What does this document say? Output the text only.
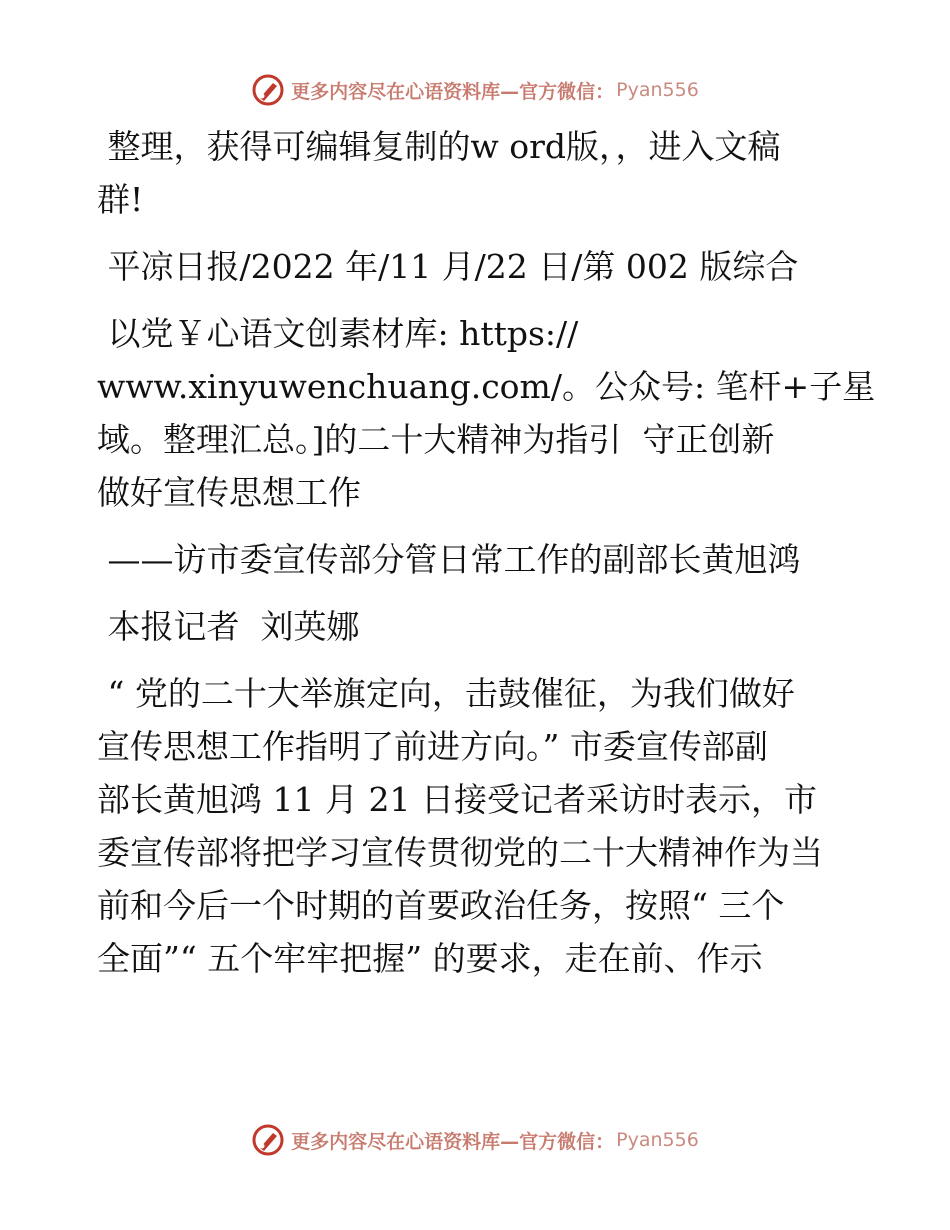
更多内容尽在心语资料库—官方微信： Pyan556

整理，获得可编辑复制的w ord版，，进入文稿

群!

平凉日报/2022 年/11 月/22 日/第 002 版综合

以党￥心语文创素材库: https://

www.xinyuwenchuang.com/。公众号: 笔杆+子星

域。整理汇总。]的二十大精神为指引  守正创新

做好宣传思想工作

——访市委宣传部分管日常工作的副部长黄旭鸿

本报记者  刘英娜

“ 党的二十大举旗定向，击鼓催征，为我们做好

宣传思想工作指明了前进方向。” 市委宣传部副

部长黄旭鸿 11 月 21 日接受记者采访时表示，市

委宣传部将把学习宣传贯彻党的二十大精神作为当

前和今后一个时期的首要政治任务，按照“ 三个

全面”“ 五个牢牢把握” 的要求，走在前、作示

更多内容尽在心语资料库—官方微信： Pyan556
